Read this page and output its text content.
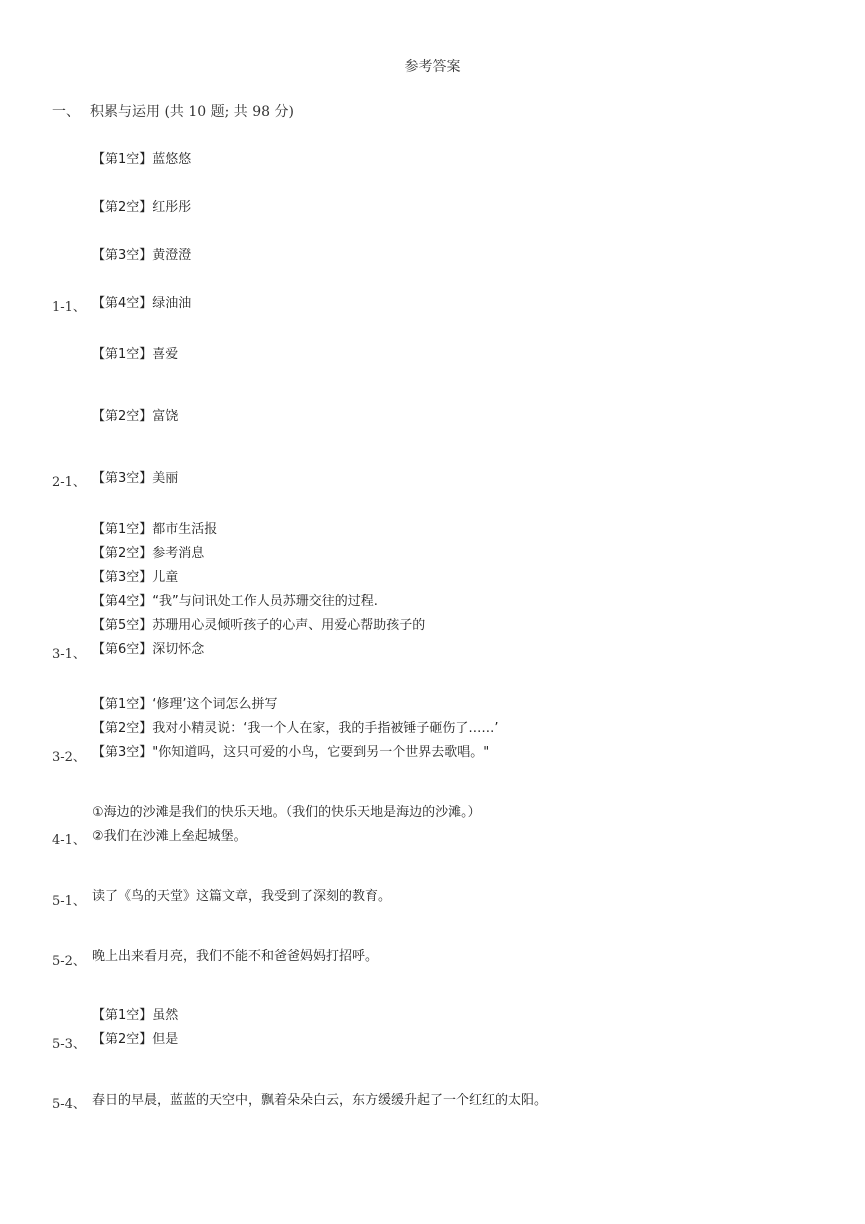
参考答案
一、 积累与运用 (共 10 题; 共 98 分)
【第1空】蓝悠悠
【第2空】红彤彤
【第3空】黄澄澄
【第4空】绿油油
1-1、
【第1空】喜爱
【第2空】富饶
【第3空】美丽
2-1、
【第1空】都市生活报
【第2空】参考消息
【第3空】儿童
【第4空】“我”与问讯处工作人员苏珊交往的过程.
【第5空】苏珊用心灵倾听孩子的心声、用爱心帮助孩子的
【第6空】深切怀念
3-1、
【第1空】‘修理’这个词怎么拼写
【第2空】我对小精灵说：‘我一个人在家，我的手指被锤子砸伤了……’
【第3空】"你知道吗，这只可爱的小鸟，它要到另一个世界去歌唱。"
3-2、
①海边的沙滩是我们的快乐天地。（我们的快乐天地是海边的沙滩。）
②我们在沙滩上垒起城堡。
4-1、
读了《鸟的天堂》这篇文章，我受到了深刻的教育。
5-1、
晚上出来看月亮，我们不能不和爸爸妈妈打招呼。
5-2、
【第1空】虽然
【第2空】但是
5-3、
春日的早晨，蓝蓝的天空中，飘着朵朵白云，东方缓缓升起了一个红红的太阳。
5-4、
